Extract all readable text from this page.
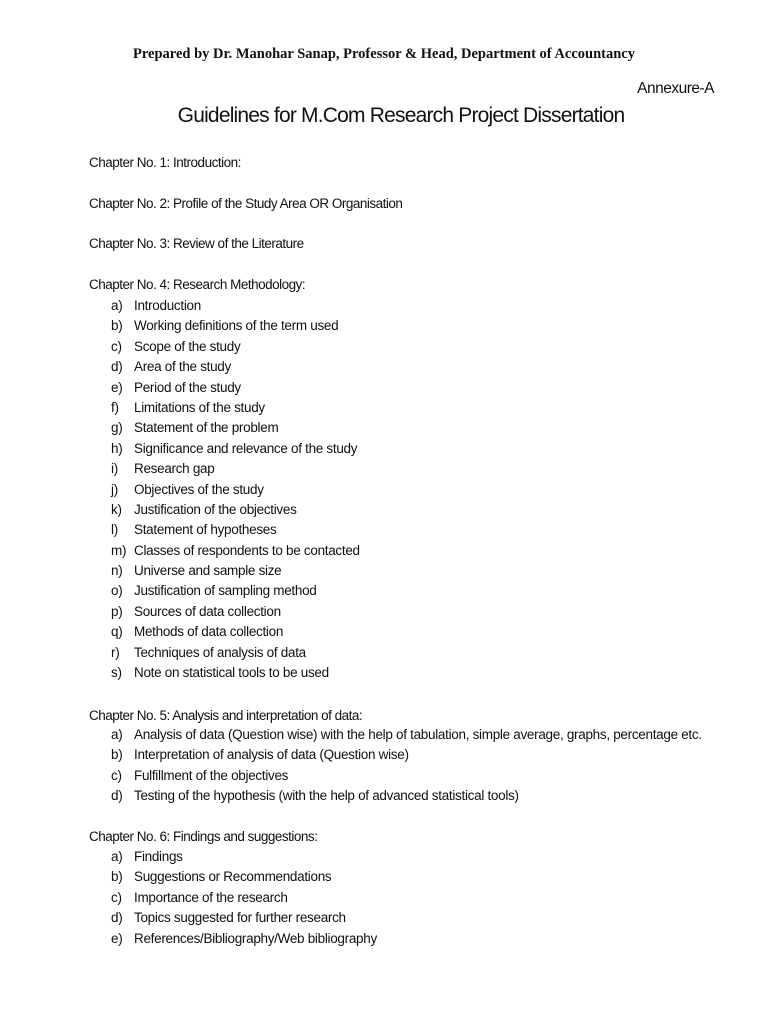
Prepared by Dr. Manohar Sanap, Professor & Head, Department of Accountancy
Annexure-A
Guidelines for M.Com Research Project Dissertation
Chapter No. 1: Introduction:
Chapter No. 2: Profile of the Study Area OR Organisation
Chapter No. 3: Review of the Literature
Chapter No. 4: Research Methodology:
a) Introduction
b) Working definitions of the term used
c) Scope of the study
d) Area of the study
e) Period of the study
f) Limitations of the study
g) Statement of the problem
h) Significance and relevance of the study
i) Research gap
j) Objectives of the study
k) Justification of the objectives
l) Statement of hypotheses
m) Classes of respondents to be contacted
n) Universe and sample size
o) Justification of sampling method
p) Sources of data collection
q) Methods of data collection
r) Techniques of analysis of data
s) Note on statistical tools to be used
Chapter No. 5: Analysis and interpretation of data:
a) Analysis of data (Question wise) with the help of tabulation, simple average, graphs, percentage etc.
b) Interpretation of analysis of data (Question wise)
c) Fulfillment of the objectives
d) Testing of the hypothesis (with the help of advanced statistical tools)
Chapter No. 6: Findings and suggestions:
a) Findings
b) Suggestions or Recommendations
c) Importance of the research
d) Topics suggested for further research
e) References/Bibliography/Web bibliography
